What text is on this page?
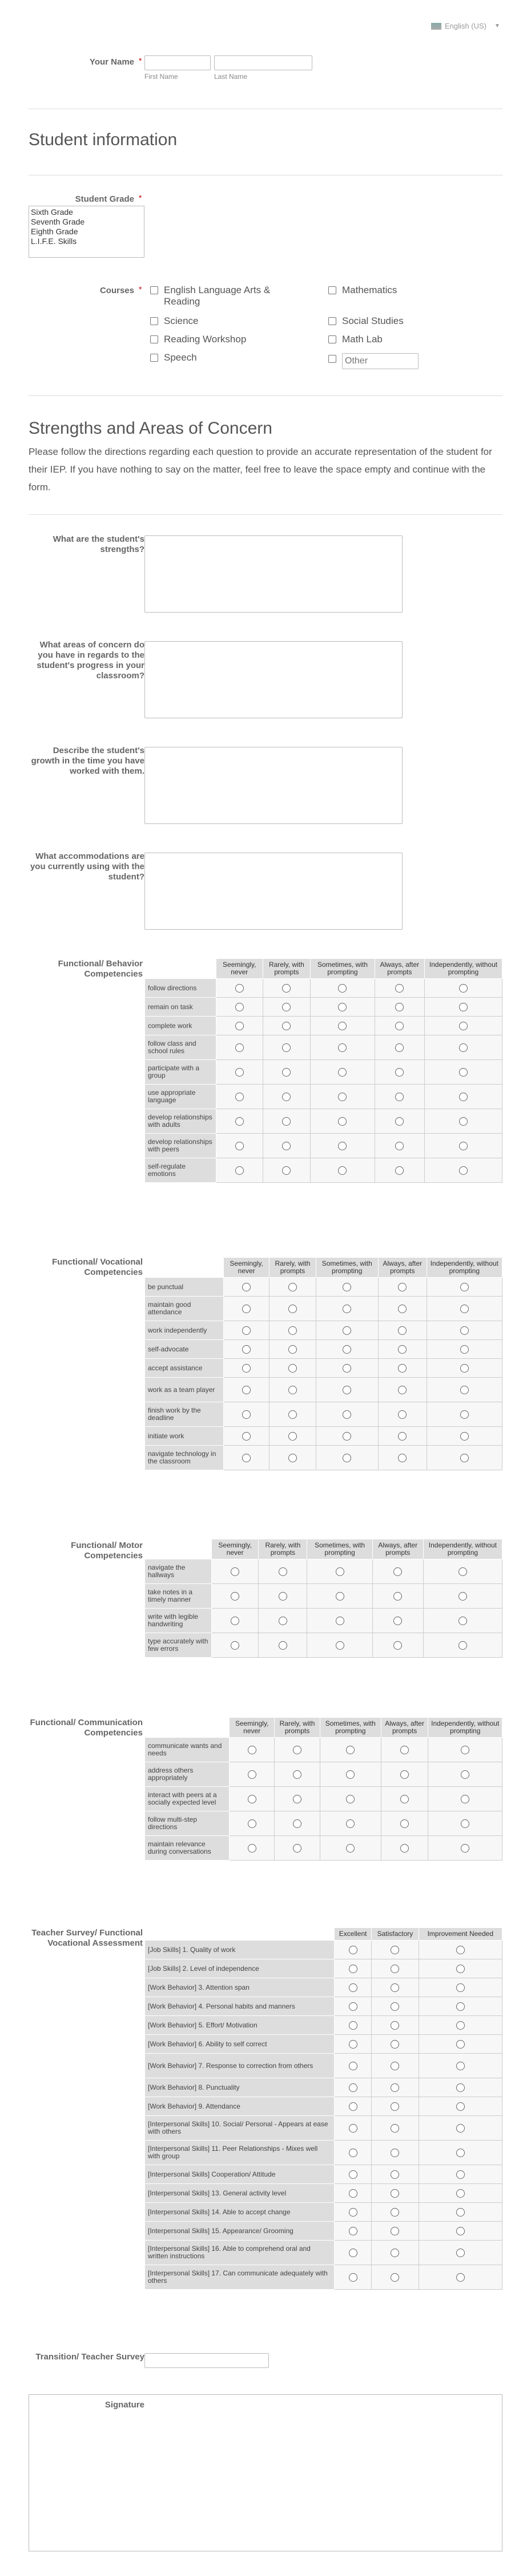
English (US) ▼
Your Name *
First Name	Last Name
Student information
Student Grade *
Sixth Grade
Seventh Grade
Eighth Grade
L.I.F.E. Skills
Courses * English Language Arts & Reading
Science
Reading Workshop
Speech
Mathematics
Social Studies
Math Lab
Other
Strengths and Areas of Concern
Please follow the directions regarding each question to provide an accurate representation of the student for their IEP. If you have nothing to say on the matter, feel free to leave the space empty and continue with the form.
What are the student's strengths?
What areas of concern do you have in regards to the student's progress in your classroom?
Describe the student's growth in the time you have worked with them.
What accommodations are you currently using with the student?
Functional/ Behavior Competencies
	Seemingly, never	Rarely, with prompts	Sometimes, with prompting	Always, after prompts	Independently, without prompting
follow directions					
remain on task					
complete work					
follow class and school rules					
participate with a group					
use appropriate language					
develop relationships with adults					
develop relationships with peers					
self-regulate emotions					
Functional/ Vocational Competencies
	Seemingly, never	Rarely, with prompts	Sometimes, with prompting	Always, after prompts	Independently, without prompting
be punctual					
maintain good attendance					
work independently					
self-advocate					
accept assistance					
work as a team player					
finish work by the deadline					
initiate work					
navigate technology in the classroom					
Functional/ Motor Competencies
	Seemingly, never	Rarely, with prompts	Sometimes, with prompting	Always, after prompts	Independently, without prompting
navigate the hallways					
take notes in a timely manner					
write with legible handwriting					
type accurately with few errors					
Functional/ Communication Competencies
	Seemingly, never	Rarely, with prompts	Sometimes, with prompting	Always, after prompts	Independently, without prompting
communicate wants and needs					
address others appropriately					
interact with peers at a socially expected level					
follow multi-step directions					
maintain relevance during conversations					
Teacher Survey/ Functional Vocational Assessment
	Excellent	Satisfactory	Improvement Needed
[Job Skills] 1. Quality of work			
[Job Skills] 2. Level of independence			
[Work Behavior] 3. Attention span			
[Work Behavior] 4. Personal habits and manners			
[Work Behavior] 5. Effort/ Motivation			
[Work Behavior] 6. Ability to self correct			
[Work Behavior] 7. Response to correction from others			
[Work Behavior] 8. Punctuality			
[Work Behavior] 9. Attendance			
[Interpersonal Skills] 10. Social/ Personal - Appears at ease with others			
[Interpersonal Skills] 11. Peer Relationships - Mixes well with group			
[Interpersonal Skills] Cooperation/ Attitude			
[Interpersonal Skills] 13. General activity level			
[Interpersonal Skills] 14. Able to accept change			
[Interpersonal Skills] 15. Appearance/ Grooming			
[Interpersonal Skills] 16. Able to comprehend oral and written instructions			
[Interpersonal Skills] 17. Can communicate adequately with others			
Transition/ Teacher Survey
Signature
